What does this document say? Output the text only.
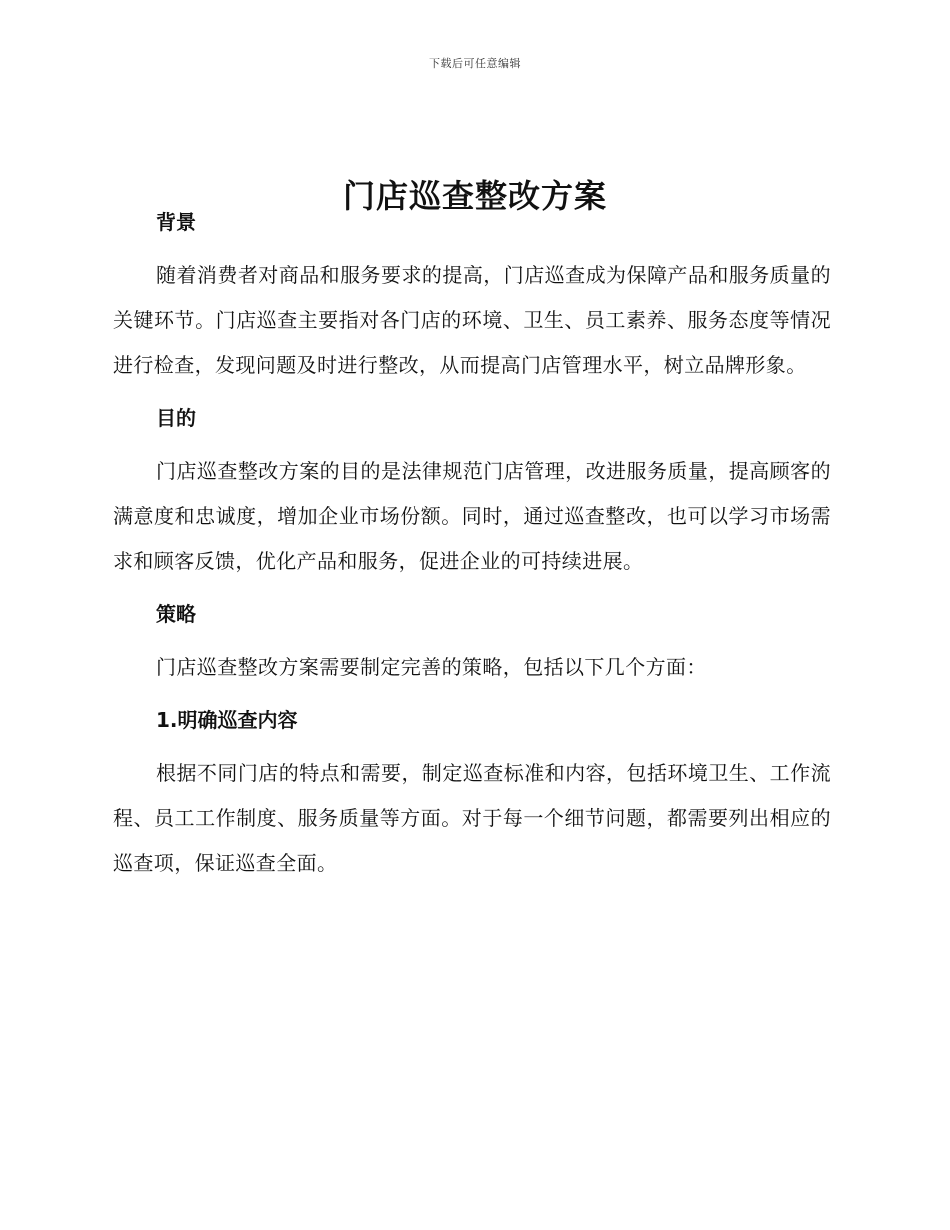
下载后可任意编辑
门店巡查整改方案
背景

随着消费者对商品和服务要求的提高，门店巡查成为保障产品和服务质量的关键环节。门店巡查主要指对各门店的环境、卫生、员工素养、服务态度等情况进行检查，发现问题及时进行整改，从而提高门店管理水平，树立品牌形象。

目的

门店巡查整改方案的目的是法律规范门店管理，改进服务质量，提高顾客的满意度和忠诚度，增加企业市场份额。同时，通过巡查整改，也可以学习市场需求和顾客反馈，优化产品和服务，促进企业的可持续进展。

策略

门店巡查整改方案需要制定完善的策略，包括以下几个方面：

1.明确巡查内容

根据不同门店的特点和需要，制定巡查标准和内容，包括环境卫生、工作流程、员工工作制度、服务质量等方面。对于每一个细节问题，都需要列出相应的巡查项，保证巡查全面。
